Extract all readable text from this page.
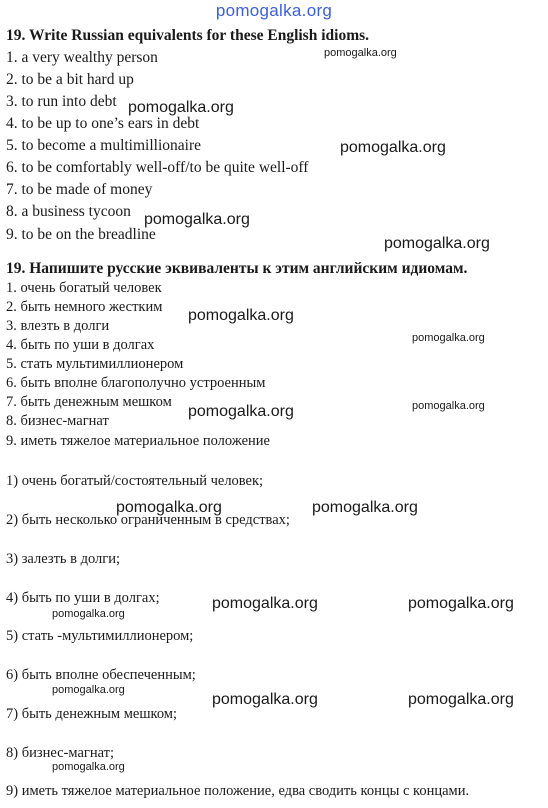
pomogalka.org
19. Write Russian equivalents for these English idioms.
1. a very wealthy person
2. to be a bit hard up
3. to run into debt
4. to be up to one’s ears in debt
5. to become a multimillionaire
6. to be comfortably well-off/to be quite well-off
7. to be made of money
8. a business tycoon
9. to be on the breadline
19. Напишите русские эквиваленты к этим английским идиомам.
1. очень богатый человек
2. быть немного жестким
3. влезть в долги
4. быть по уши в долгах
5. стать мультимиллионером
6. быть вполне благополучно устроенным
7. быть денежным мешком
8. бизнес-магнат
9. иметь тяжелое материальное положение
1) очень богатый/состоятельный человек;
2) быть несколько ограниченным в средствах;
3) залезть в долги;
4) быть по уши в долгах;
5) стать -мультимиллионером;
6) быть вполне обеспеченным;
7) быть денежным мешком;
8) бизнес-магнат;
9) иметь тяжелое материальное положение, едва сводить концы с концами.
pomogalka.org
pomogalka.org
pomogalka.org
pomogalka.org
pomogalka.org
pomogalka.org
pomogalka.org
pomogalka.org	pomogalka.org
pomogalka.org	pomogalka.org
pomogalka.org	pomogalka.org
pomogalka.org
pomogalka.org
pomogalka.org	pomogalka.org
pomogalka.org
